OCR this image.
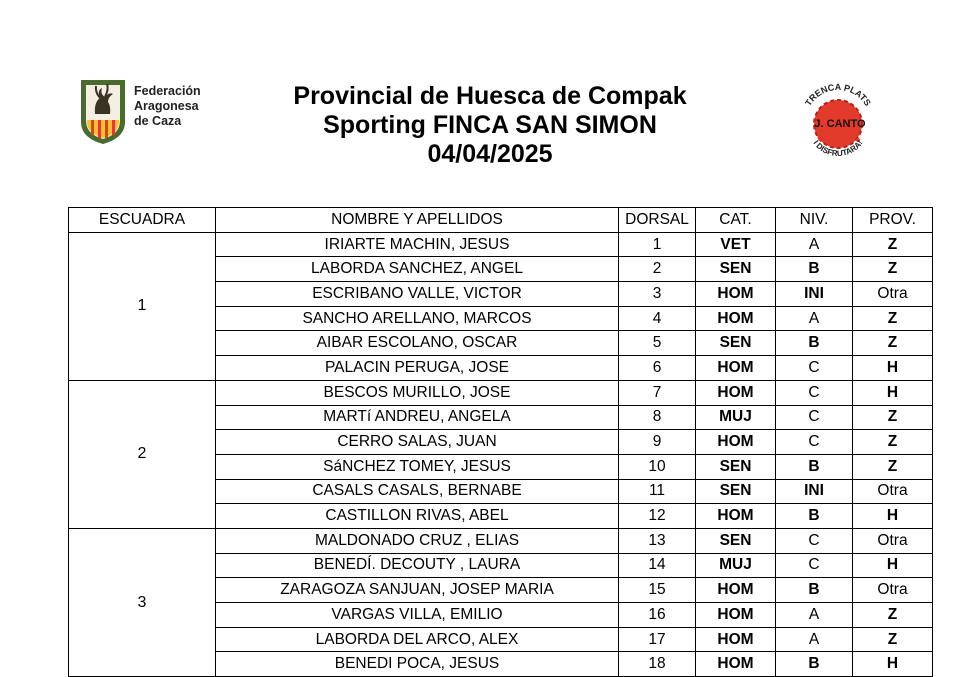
Federación
Aragonesa
de Caza
Provincial de Huesca de Compak
Sporting FINCA SAN SIMON
04/04/2025
TRENCA PLATS
J. CANTO
I DISFRUTARA!
ESCUADRA	NOMBRE Y APELLIDOS	DORSAL	CAT.	NIV.	PROV.
1	IRIARTE MACHIN, JESUS	1	VET	A	Z
	LABORDA SANCHEZ, ANGEL	2	SEN	B	Z
	ESCRIBANO VALLE, VICTOR	3	HOM	INI	Otra
	SANCHO ARELLANO, MARCOS	4	HOM	A	Z
	AIBAR ESCOLANO, OSCAR	5	SEN	B	Z
	PALACIN PERUGA, JOSE	6	HOM	C	H
2	BESCOS MURILLO, JOSE	7	HOM	C	H
	MARTí ANDREU, ANGELA	8	MUJ	C	Z
	CERRO SALAS, JUAN	9	HOM	C	Z
	SáNCHEZ TOMEY, JESUS	10	SEN	B	Z
	CASALS CASALS, BERNABE	11	SEN	INI	Otra
	CASTILLON RIVAS, ABEL	12	HOM	B	H
3	MALDONADO CRUZ , ELIAS	13	SEN	C	Otra
	BENEDÍ. DECOUTY , LAURA	14	MUJ	C	H
	ZARAGOZA SANJUAN, JOSEP MARIA	15	HOM	B	Otra
	VARGAS VILLA, EMILIO	16	HOM	A	Z
	LABORDA DEL ARCO, ALEX	17	HOM	A	Z
	BENEDI POCA, JESUS	18	HOM	B	H
